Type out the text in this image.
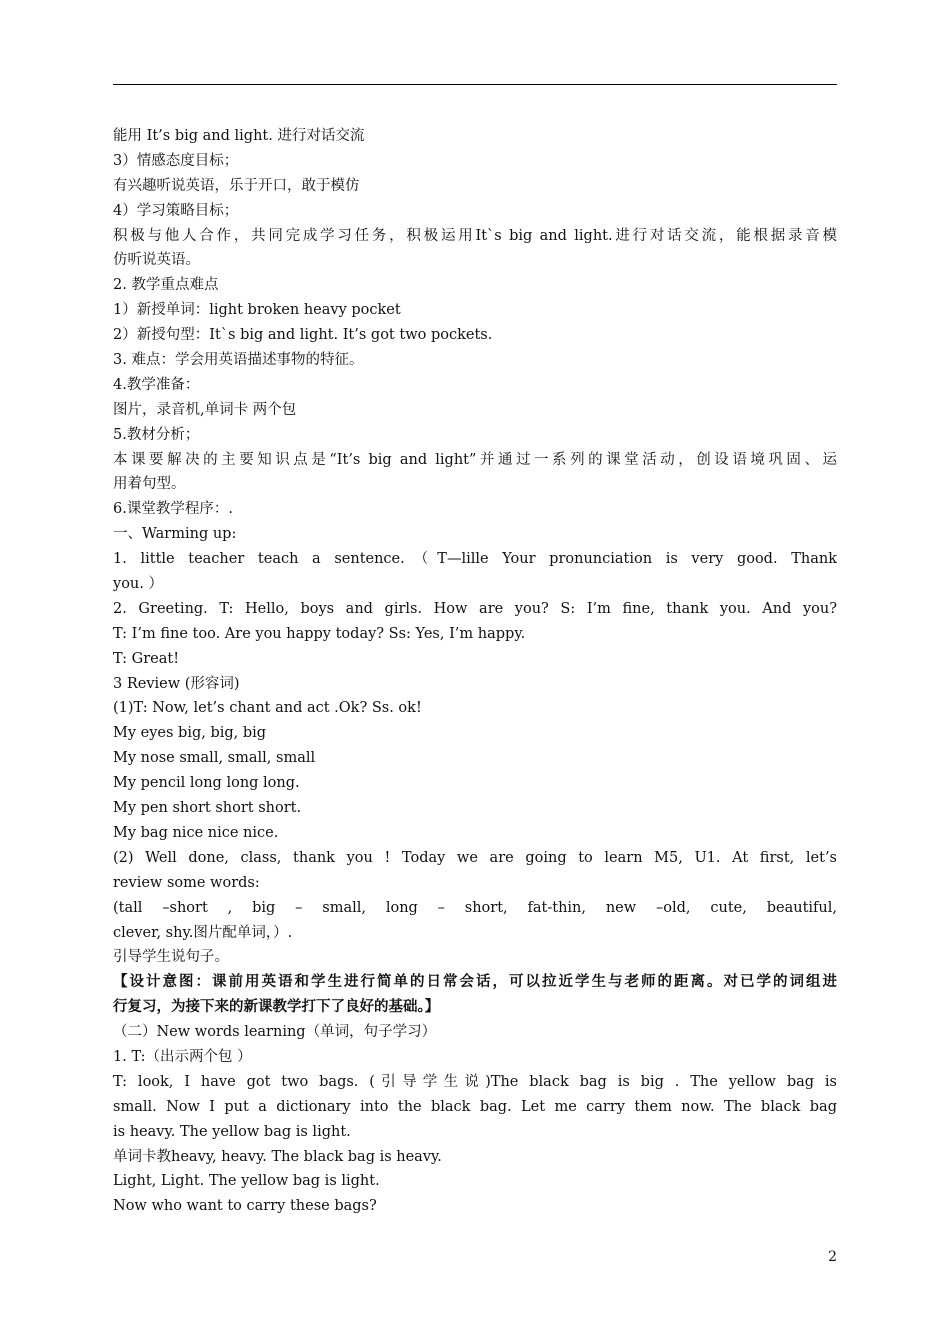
能用 It’s big and light. 进行对话交流
3）情感态度目标；
有兴趣听说英语，乐于开口，敢于模仿
4）学习策略目标；
积极与他人合作，共同完成学习任务，积极运用It`s big and light.进行对话交流，能根据录音模
仿听说英语。
2. 教学重点难点
1）新授单词：light broken heavy pocket
2）新授句型：It`s big and light. It’s got two pockets.
3. 难点：学会用英语描述事物的特征。
4.教学准备：
图片，录音机,单词卡 两个包
5.教材分析；
本课要解决的主要知识点是“It’s big and light”并通过一系列的课堂活动，创设语境巩固、运
用着句型。
6.课堂教学程序：.
一、Warming up:
1. little teacher teach a sentence.（T—lille Your pronunciation is very good. Thank
you. ）
2. Greeting. T: Hello, boys and girls. How are you? S: I’m fine, thank you. And you?
T: I’m fine too. Are you happy today? Ss: Yes, I’m happy.
T: Great!
3 Review (形容词)
(1)T: Now, let’s chant and act .Ok? Ss. ok!
My eyes big, big, big
My nose small, small, small
My pencil long long long.
My pen short short short.
My bag nice nice nice.
(2) Well done, class, thank you ! Today we are going to learn M5, U1. At first, let’s
review some words:
(tall –short , big – small, long – short, fat-thin, new –old, cute, beautiful,
clever, shy.图片配单词，）.
引导学生说句子。
【设计意图：课前用英语和学生进行简单的日常会话，可以拉近学生与老师的距离。对已学的词组进
行复习，为接下来的新课教学打下了良好的基础。】
（二）New words learning（单词，句子学习）
1. T:（出示两个包 ）
T: look, I have got two bags. (引导学生说)The black bag is big . The yellow bag is
small. Now I put a dictionary into the black bag. Let me carry them now. The black bag
is heavy. The yellow bag is light.
单词卡教heavy, heavy. The black bag is heavy.
Light, Light. The yellow bag is light.
Now who want to carry these bags?
2
